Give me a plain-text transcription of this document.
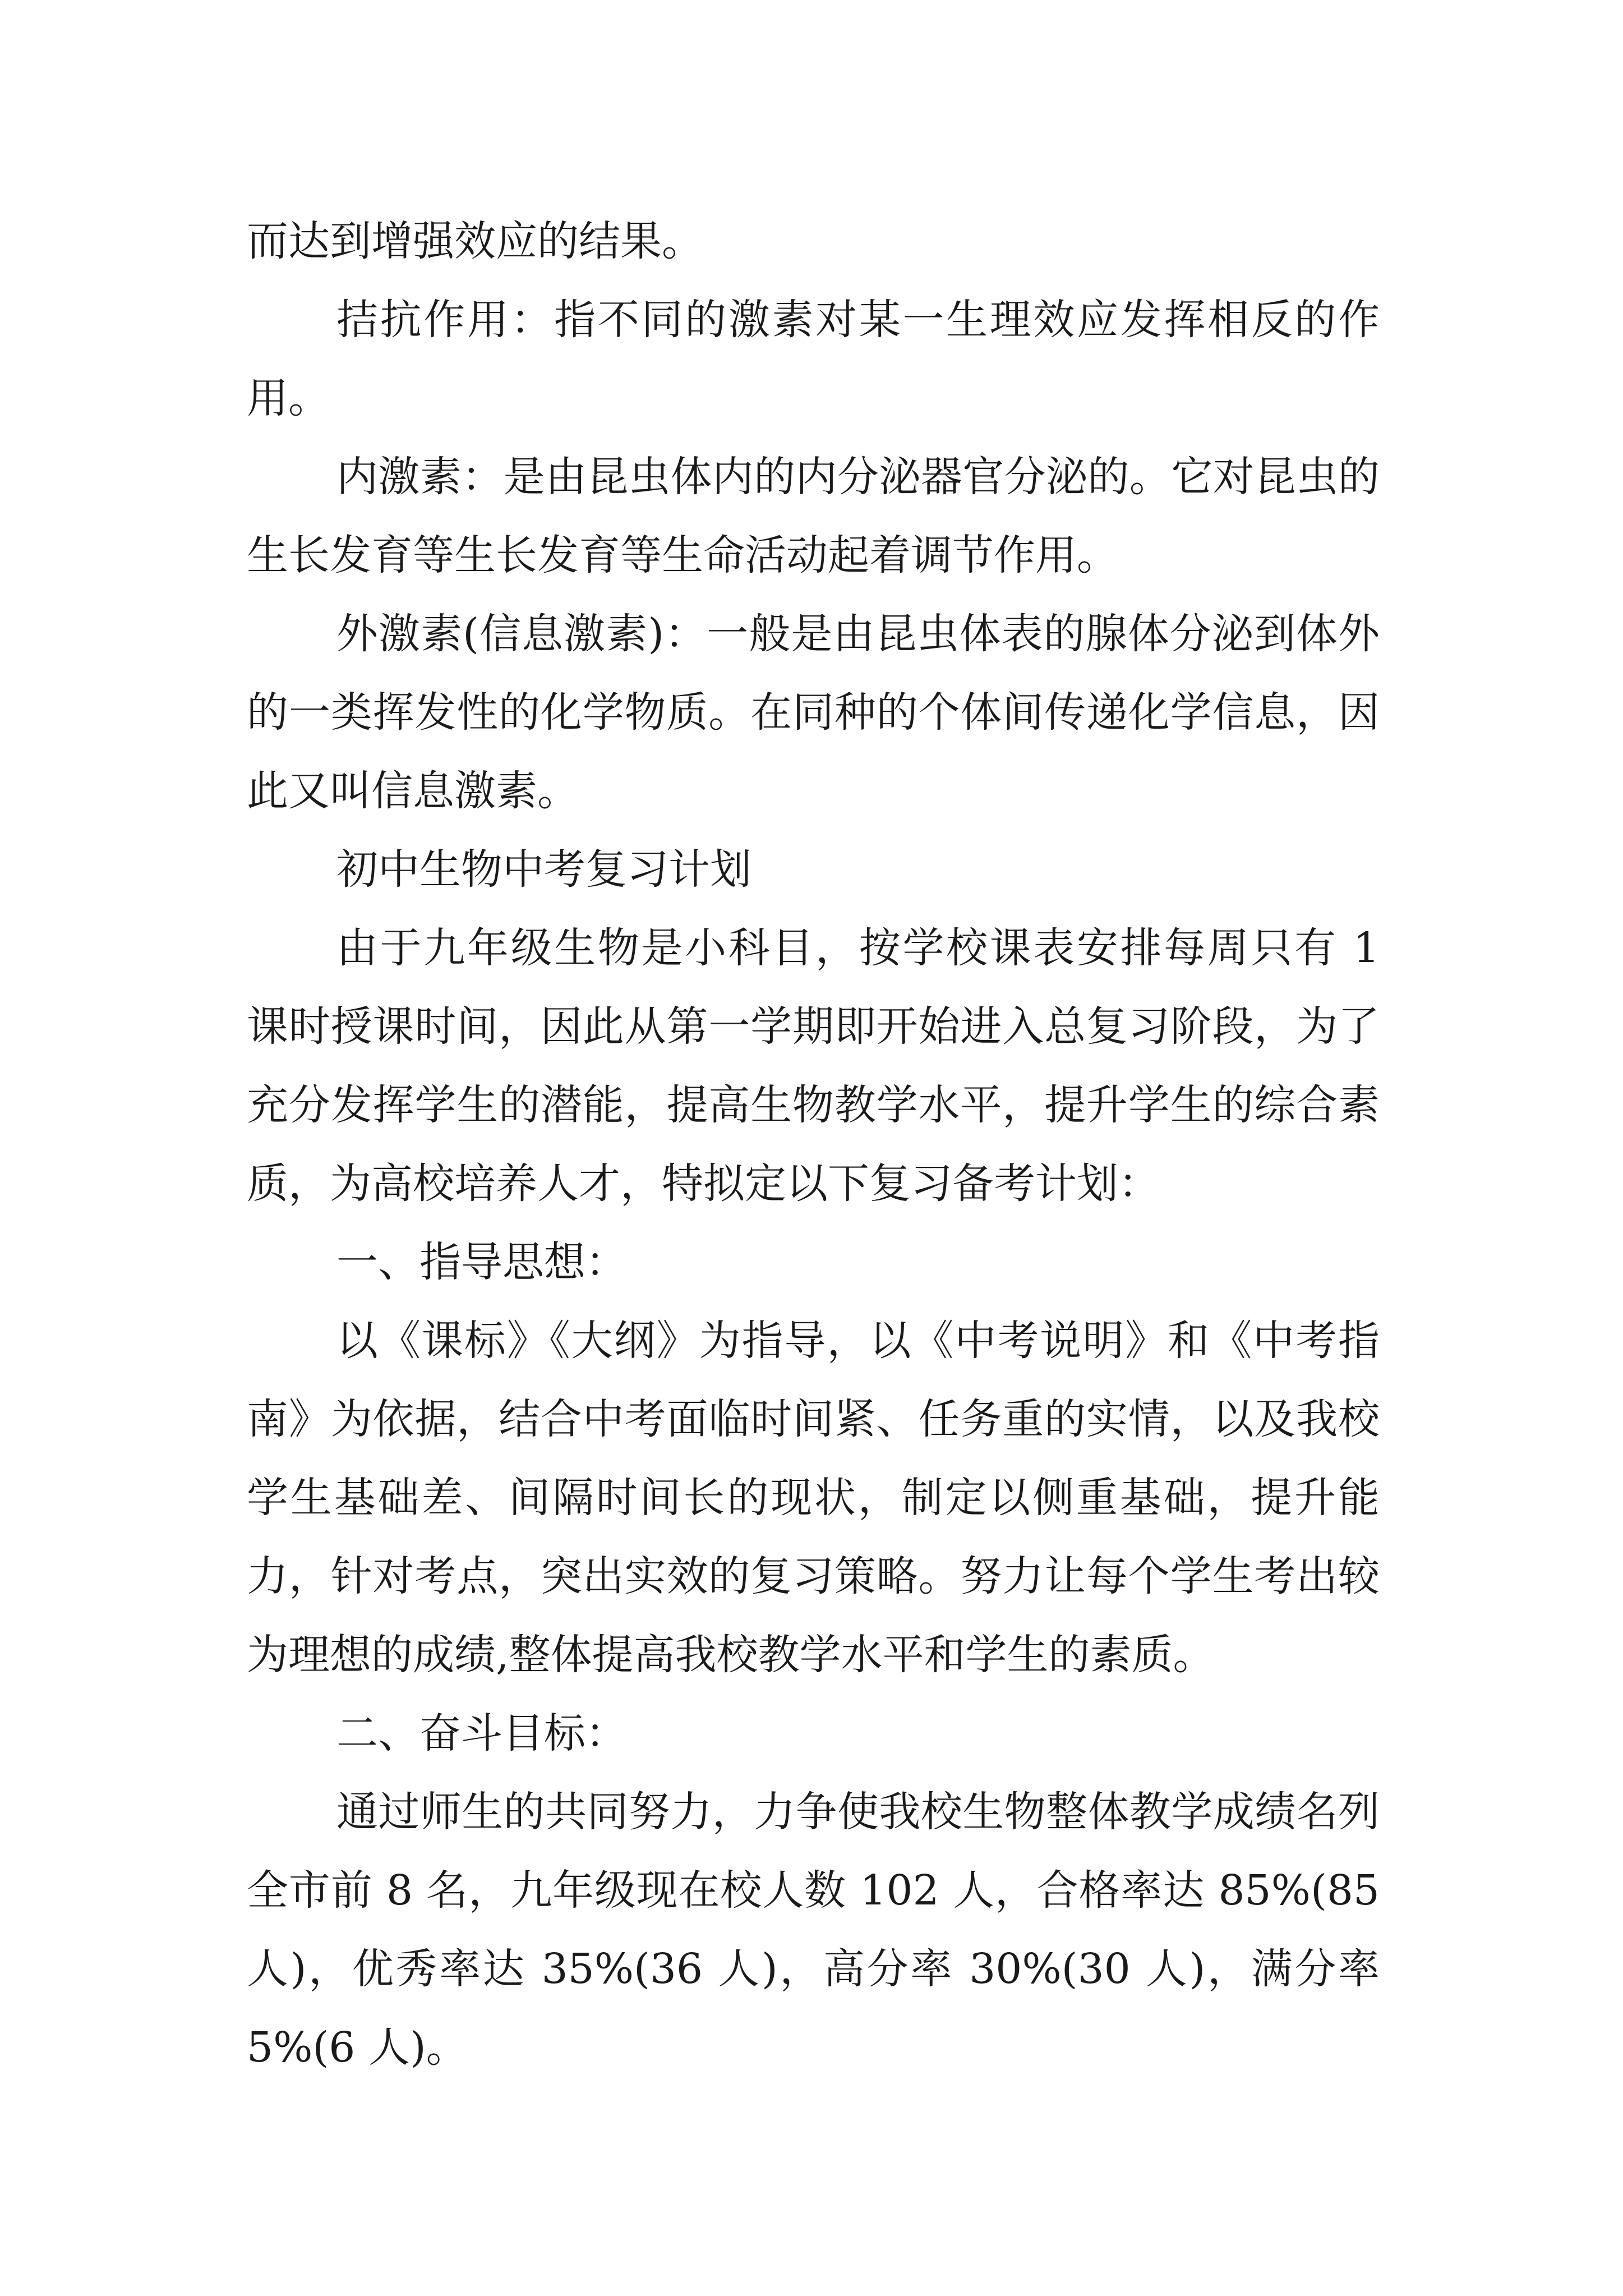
而达到增强效应的结果。

拮抗作用：指不同的激素对某一生理效应发挥相反的作用。

内激素：是由昆虫体内的内分泌器官分泌的。它对昆虫的生长发育等生长发育等生命活动起着调节作用。

外激素(信息激素)：一般是由昆虫体表的腺体分泌到体外的一类挥发性的化学物质。在同种的个体间传递化学信息，因此又叫信息激素。

初中生物中考复习计划

由于九年级生物是小科目，按学校课表安排每周只有 1 课时授课时间，因此从第一学期即开始进入总复习阶段，为了充分发挥学生的潜能，提高生物教学水平，提升学生的综合素质，为高校培养人才，特拟定以下复习备考计划：

一、指导思想：

以《课标》《大纲》为指导，以《中考说明》和《中考指南》为依据，结合中考面临时间紧、任务重的实情，以及我校学生基础差、间隔时间长的现状，制定以侧重基础，提升能力，针对考点，突出实效的复习策略。努力让每个学生考出较为理想的成绩,整体提高我校教学水平和学生的素质。

二、奋斗目标：

通过师生的共同努力，力争使我校生物整体教学成绩名列全市前 8 名，九年级现在校人数 102 人，合格率达 85%(85 人)，优秀率达 35%(36 人)，高分率 30%(30 人)，满分率 5%(6 人)。
